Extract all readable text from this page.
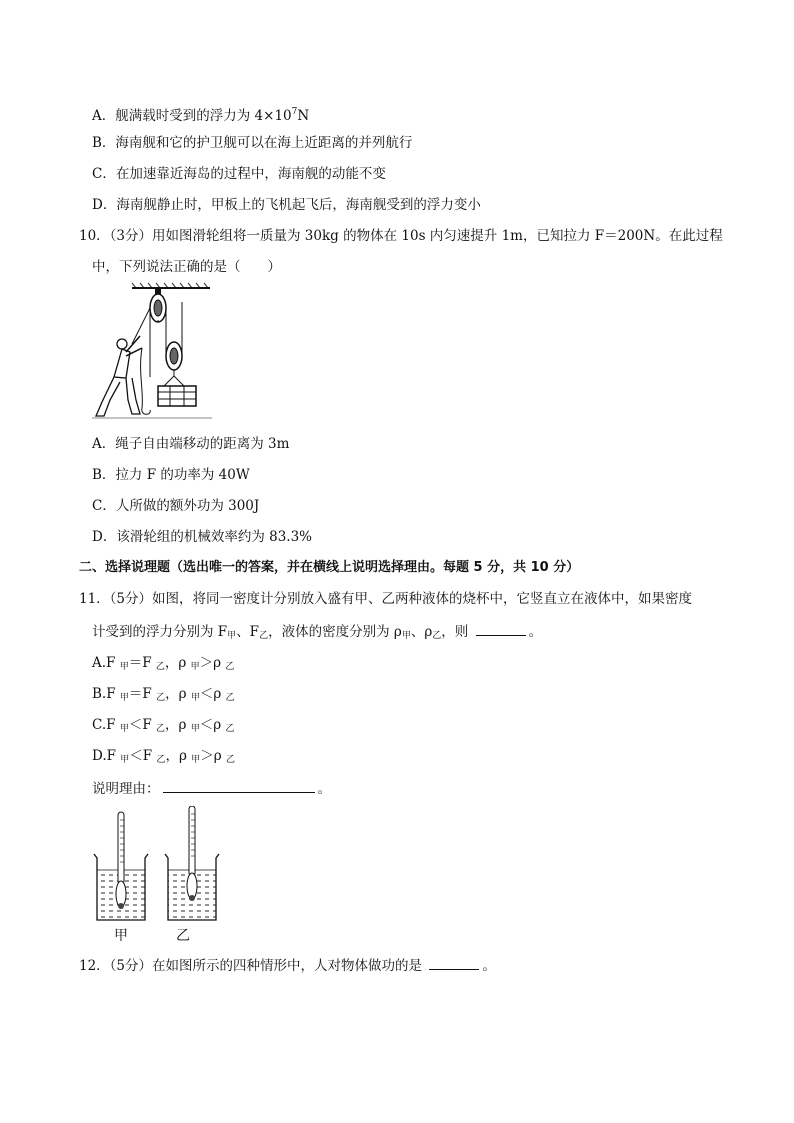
A．舰满载时受到的浮力为 $4\times 10^7N$
B．海南舰和它的护卫舰可以在海上近距离的并列航行
C．在加速靠近海岛的过程中，海南舰的动能不变
D．海南舰静止时，甲板上的飞机起飞后，海南舰受到的浮力变小
10．（3分）用如图滑轮组将一质量为 30kg 的物体在 10s 内匀速提升 1m，已知拉力 F＝200N。在此过程
中，下列说法正确的是（　　）
A．绳子自由端移动的距离为 3m
B．拉力 F 的功率为 40W
C．人所做的额外功为 300J
D．该滑轮组的机械效率约为 83.3%
二、选择说理题（选出唯一的答案，并在横线上说明选择理由。每题 5 分，共 10 分）
11．（5分）如图，将同一密度计分别放入盛有甲、乙两种液体的烧杯中，它竖直立在液体中，如果密度
计受到的浮力分别为 $F_甲$、$F_乙$，液体的密度分别为 $\rho_甲$、$\rho_乙$，则	。
A.F $_甲$＝F $_乙$，ρ $_甲$＞ρ $_乙$
B.F $_甲$＝F $_乙$，ρ $_甲$＜ρ $_乙$
C.F $_甲$＜F $_乙$，ρ $_甲$＜ρ $_乙$
D.F $_甲$＜F $_乙$，ρ $_甲$＞ρ $_乙$
说明理由：	。
甲	乙
12．（5分）在如图所示的四种情形中，人对物体做功的是	。
